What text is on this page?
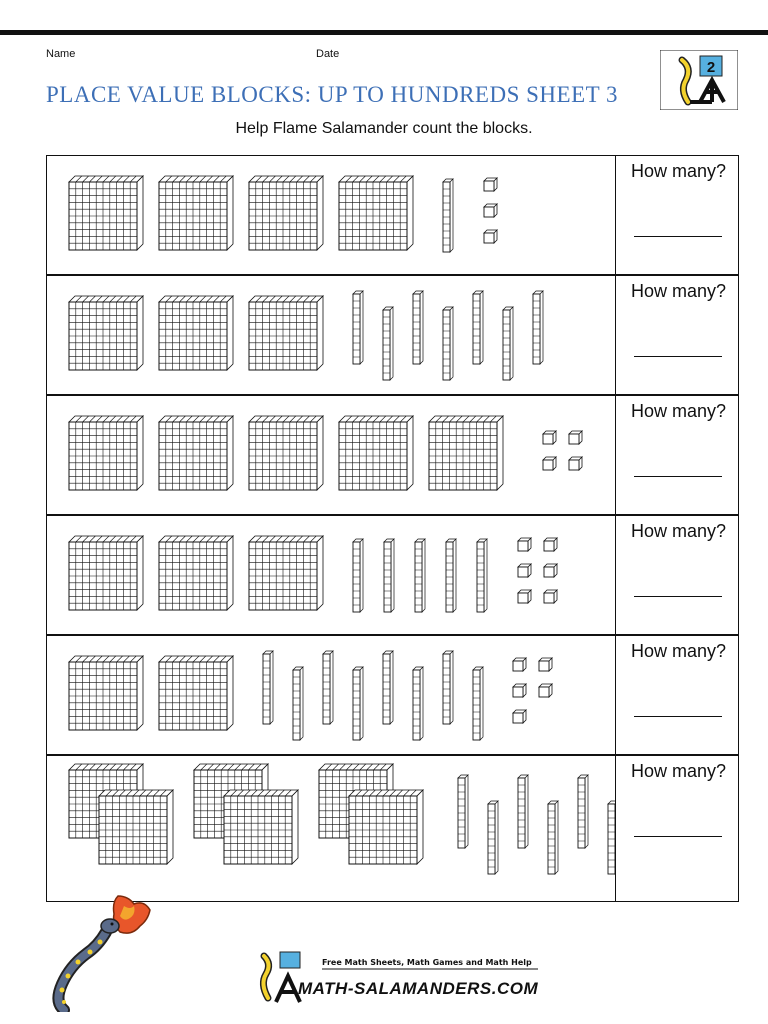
Name	Date
PLACE VALUE BLOCKS: UP TO HUNDREDS SHEET 3
Help Flame Salamander count the blocks.
2
How many?
How many?
How many?
How many?
How many?
How many?
Free Math Sheets, Math Games and Math Help
MATH-SALAMANDERS.COM
